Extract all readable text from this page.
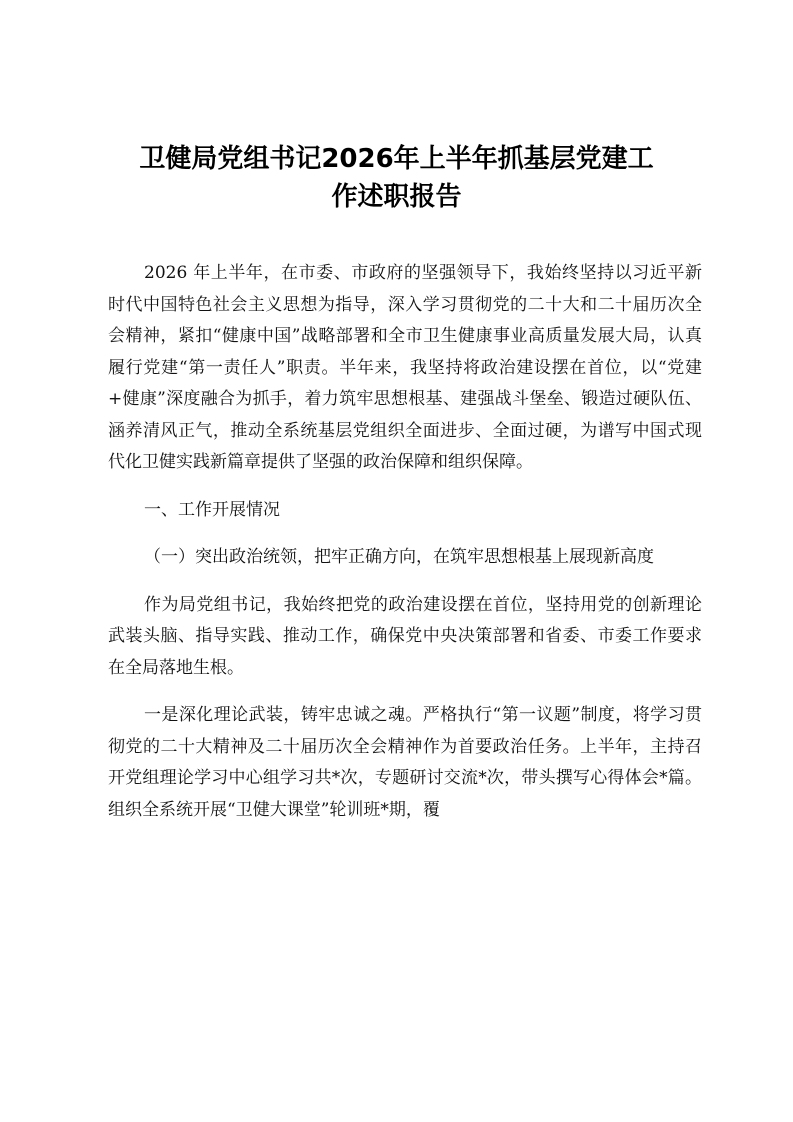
卫健局党组书记2026年上半年抓基层党建工
作述职报告

2026 年上半年，在市委、市政府的坚强领导下，我始终坚持以习近平新时代中国特色社会主义思想为指导，深入学习贯彻党的二十大和二十届历次全会精神，紧扣“健康中国”战略部署和全市卫生健康事业高质量发展大局，认真履行党建“第一责任人”职责。半年来，我坚持将政治建设摆在首位，以“党建+健康”深度融合为抓手，着力筑牢思想根基、建强战斗堡垒、锻造过硬队伍、涵养清风正气，推动全系统基层党组织全面进步、全面过硬，为谱写中国式现代化卫健实践新篇章提供了坚强的政治保障和组织保障。

一、工作开展情况

（一）突出政治统领，把牢正确方向，在筑牢思想根基上展现新高度

作为局党组书记，我始终把党的政治建设摆在首位，坚持用党的创新理论武装头脑、指导实践、推动工作，确保党中央决策部署和省委、市委工作要求在全局落地生根。

一是深化理论武装，铸牢忠诚之魂。严格执行“第一议题”制度，将学习贯彻党的二十大精神及二十届历次全会精神作为首要政治任务。上半年，主持召开党组理论学习中心组学习共*次，专题研讨交流*次，带头撰写心得体会*篇。组织全系统开展“卫健大课堂”轮训班*期，覆
